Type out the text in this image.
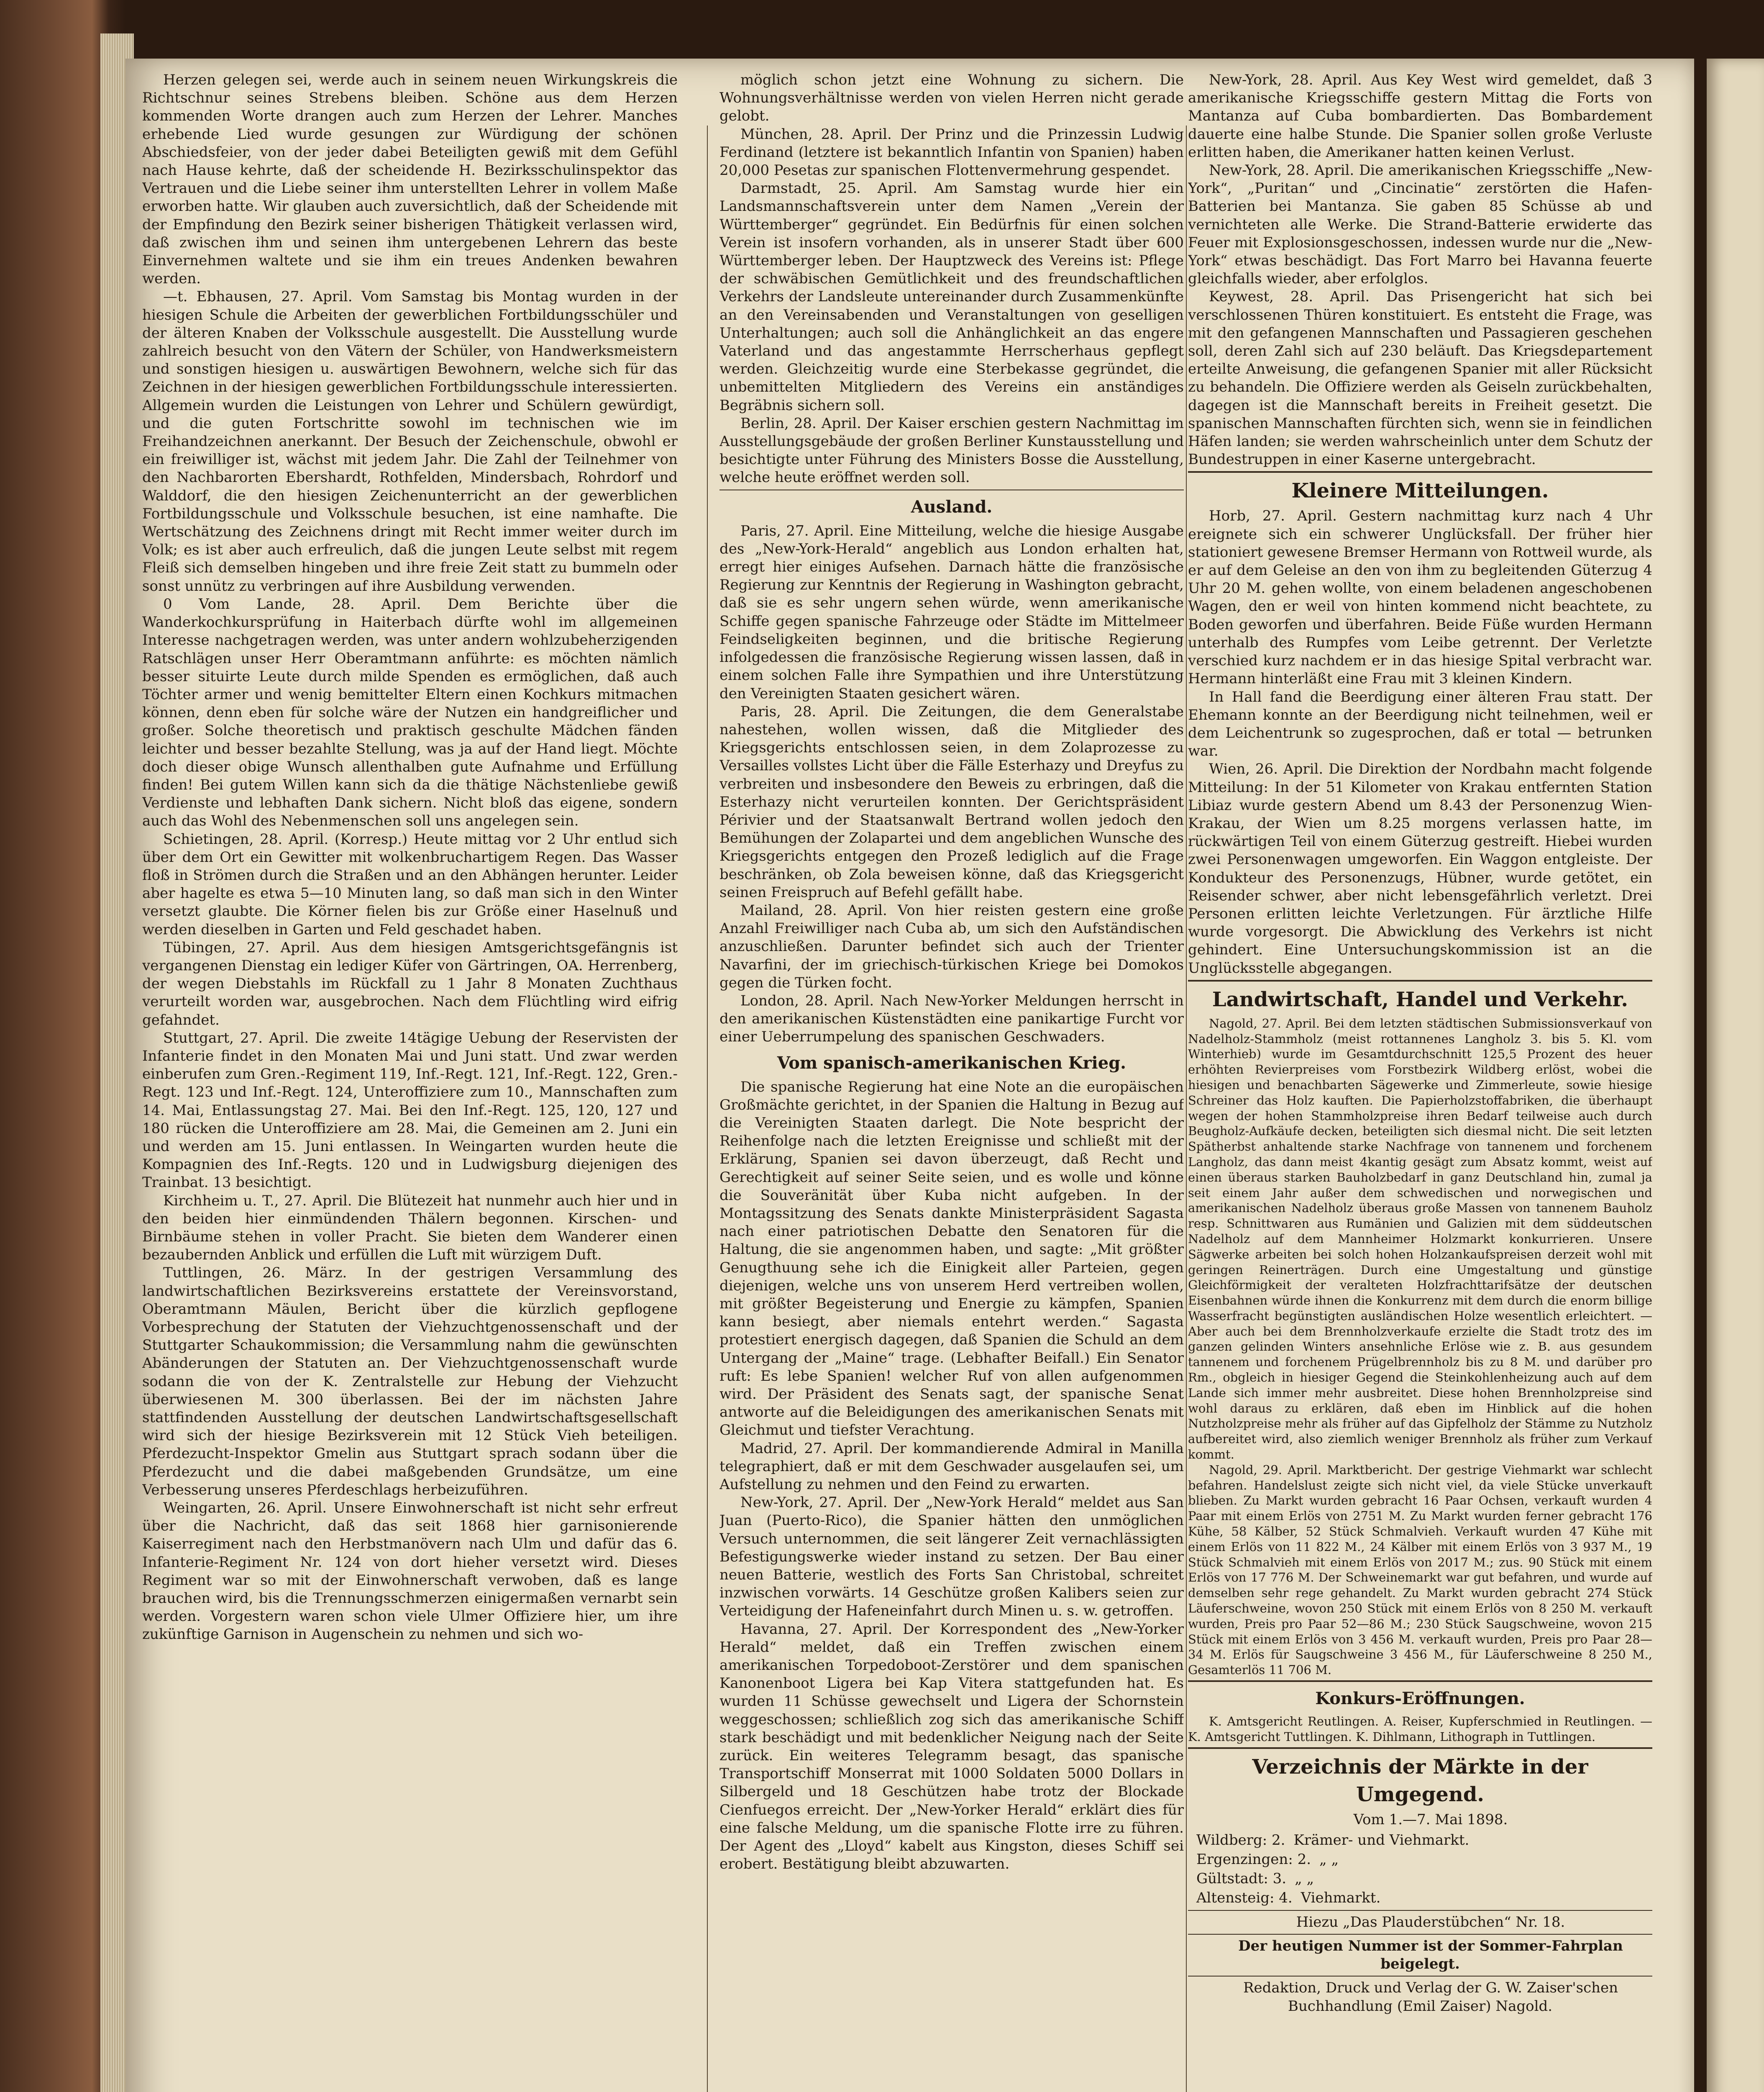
Herzen gelegen sei, werde auch in seinem neuen Wirkungskreis die Richtschnur seines Strebens bleiben. Schöne aus dem Herzen kommenden Worte drangen auch zum Herzen der Lehrer. Manches erhebende Lied wurde gesungen zur Würdigung der schönen Abschiedsfeier, von der jeder dabei Beteiligten gewiß mit dem Gefühl nach Hause kehrte, daß der scheidende H. Bezirksschulinspektor das Vertrauen und die Liebe seiner ihm unterstellten Lehrer in vollem Maße erworben hatte. Wir glauben auch zuversichtlich, daß der Scheidende mit der Empfindung den Bezirk seiner bisherigen Thätigkeit verlassen wird, daß zwischen ihm und seinen ihm untergebenen Lehrern das beste Einvernehmen waltete und sie ihm ein treues Andenken bewahren werden.

—t. Ebhausen, 27. April. Vom Samstag bis Montag wurden in der hiesigen Schule die Arbeiten der gewerblichen Fortbildungsschüler und der älteren Knaben der Volksschule ausgestellt. Die Ausstellung wurde zahlreich besucht von den Vätern der Schüler, von Handwerksmeistern und sonstigen hiesigen u. auswärtigen Bewohnern, welche sich für das Zeichnen in der hiesigen gewerblichen Fortbildungsschule interessierten. Allgemein wurden die Leistungen von Lehrer und Schülern gewürdigt, und die guten Fortschritte sowohl im technischen wie im Freihandzeichnen anerkannt. Der Besuch der Zeichenschule, obwohl er ein freiwilliger ist, wächst mit jedem Jahr. Die Zahl der Teilnehmer von den Nachbarorten Ebershardt, Rothfelden, Mindersbach, Rohrdorf und Walddorf, die den hiesigen Zeichenunterricht an der gewerblichen Fortbildungsschule und Volksschule besuchen, ist eine namhafte. Die Wertschätzung des Zeichnens dringt mit Recht immer weiter durch im Volk; es ist aber auch erfreulich, daß die jungen Leute selbst mit regem Fleiß sich demselben hingeben und ihre freie Zeit statt zu bummeln oder sonst unnütz zu verbringen auf ihre Ausbildung verwenden.

0 Vom Lande, 28. April. Dem Berichte über die Wanderkochkursprüfung in Haiterbach dürfte wohl im allgemeinen Interesse nachgetragen werden, was unter andern wohlzubeherzigenden Ratschlägen unser Herr Oberamtmann anführte: es möchten nämlich besser situirte Leute durch milde Spenden es ermöglichen, daß auch Töchter armer und wenig bemittelter Eltern einen Kochkurs mitmachen können, denn eben für solche wäre der Nutzen ein handgreiflicher und großer. Solche theoretisch und praktisch geschulte Mädchen fänden leichter und besser bezahlte Stellung, was ja auf der Hand liegt. Möchte doch dieser obige Wunsch allenthalben gute Aufnahme und Erfüllung finden! Bei gutem Willen kann sich da die thätige Nächstenliebe gewiß Verdienste und lebhaften Dank sichern. Nicht bloß das eigene, sondern auch das Wohl des Nebenmenschen soll uns angelegen sein.

Schietingen, 28. April. (Korresp.) Heute mittag vor 2 Uhr entlud sich über dem Ort ein Gewitter mit wolkenbruchartigem Regen. Das Wasser floß in Strömen durch die Straßen und an den Abhängen herunter. Leider aber hagelte es etwa 5—10 Minuten lang, so daß man sich in den Winter versetzt glaubte. Die Körner fielen bis zur Größe einer Haselnuß und werden dieselben in Garten und Feld geschadet haben.

Tübingen, 27. April. Aus dem hiesigen Amtsgerichtsgefängnis ist vergangenen Dienstag ein lediger Küfer von Gärtringen, OA. Herrenberg, der wegen Diebstahls im Rückfall zu 1 Jahr 8 Monaten Zuchthaus verurteilt worden war, ausgebrochen. Nach dem Flüchtling wird eifrig gefahndet.

Stuttgart, 27. April. Die zweite 14tägige Uebung der Reservisten der Infanterie findet in den Monaten Mai und Juni statt. Und zwar werden einberufen zum Gren.-Regiment 119, Inf.-Regt. 121, Inf.-Regt. 122, Gren.-Regt. 123 und Inf.-Regt. 124, Unteroffiziere zum 10., Mannschaften zum 14. Mai, Entlassungstag 27. Mai. Bei den Inf.-Regt. 125, 120, 127 und 180 rücken die Unteroffiziere am 28. Mai, die Gemeinen am 2. Juni ein und werden am 15. Juni entlassen. In Weingarten wurden heute die Kompagnien des Inf.-Regts. 120 und in Ludwigsburg diejenigen des Trainbat. 13 besichtigt.

Kirchheim u. T., 27. April. Die Blütezeit hat nunmehr auch hier und in den beiden hier einmündenden Thälern begonnen. Kirschen- und Birnbäume stehen in voller Pracht. Sie bieten dem Wanderer einen bezaubernden Anblick und erfüllen die Luft mit würzigem Duft.

Tuttlingen, 26. März. In der gestrigen Versammlung des landwirtschaftlichen Bezirksvereins erstattete der Vereinsvorstand, Oberamtmann Mäulen, Bericht über die kürzlich gepflogene Vorbesprechung der Statuten der Viehzuchtgenossenschaft und der Stuttgarter Schaukommission; die Versammlung nahm die gewünschten Abänderungen der Statuten an. Der Viehzuchtgenossenschaft wurde sodann die von der K. Zentralstelle zur Hebung der Viehzucht überwiesenen M. 300 überlassen. Bei der im nächsten Jahre stattfindenden Ausstellung der deutschen Landwirtschaftsgesellschaft wird sich der hiesige Bezirksverein mit 12 Stück Vieh beteiligen. Pferdezucht-Inspektor Gmelin aus Stuttgart sprach sodann über die Pferdezucht und die dabei maßgebenden Grundsätze, um eine Verbesserung unseres Pferdeschlags herbeizuführen.

Weingarten, 26. April. Unsere Einwohnerschaft ist nicht sehr erfreut über die Nachricht, daß das seit 1868 hier garnisonierende Kaiserregiment nach den Herbstmanövern nach Ulm und dafür das 6. Infanterie-Regiment Nr. 124 von dort hieher versetzt wird. Dieses Regiment war so mit der Einwohnerschaft verwoben, daß es lange brauchen wird, bis die Trennungsschmerzen einigermaßen vernarbt sein werden. Vorgestern waren schon viele Ulmer Offiziere hier, um ihre zukünftige Garnison in Augenschein zu nehmen und sich wo-

möglich schon jetzt eine Wohnung zu sichern. Die Wohnungsverhältnisse werden von vielen Herren nicht gerade gelobt.

München, 28. April. Der Prinz und die Prinzessin Ludwig Ferdinand (letztere ist bekanntlich Infantin von Spanien) haben 20,000 Pesetas zur spanischen Flottenvermehrung gespendet.

Darmstadt, 25. April. Am Samstag wurde hier ein Landsmannschaftsverein unter dem Namen „Verein der Württemberger“ gegründet. Ein Bedürfnis für einen solchen Verein ist insofern vorhanden, als in unserer Stadt über 600 Württemberger leben. Der Hauptzweck des Vereins ist: Pflege der schwäbischen Gemütlichkeit und des freundschaftlichen Verkehrs der Landsleute untereinander durch Zusammenkünfte an den Vereinsabenden und Veranstaltungen von geselligen Unterhaltungen; auch soll die Anhänglichkeit an das engere Vaterland und das angestammte Herrscherhaus gepflegt werden. Gleichzeitig wurde eine Sterbekasse gegründet, die unbemittelten Mitgliedern des Vereins ein anständiges Begräbnis sichern soll.

Berlin, 28. April. Der Kaiser erschien gestern Nachmittag im Ausstellungsgebäude der großen Berliner Kunstausstellung und besichtigte unter Führung des Ministers Bosse die Ausstellung, welche heute eröffnet werden soll.

Ausland.

Paris, 27. April. Eine Mitteilung, welche die hiesige Ausgabe des „New-York-Herald“ angeblich aus London erhalten hat, erregt hier einiges Aufsehen. Darnach hätte die französische Regierung zur Kenntnis der Regierung in Washington gebracht, daß sie es sehr ungern sehen würde, wenn amerikanische Schiffe gegen spanische Fahrzeuge oder Städte im Mittelmeer Feindseligkeiten beginnen, und die britische Regierung infolgedessen die französische Regierung wissen lassen, daß in einem solchen Falle ihre Sympathien und ihre Unterstützung den Vereinigten Staaten gesichert wären.

Paris, 28. April. Die Zeitungen, die dem Generalstabe nahestehen, wollen wissen, daß die Mitglieder des Kriegsgerichts entschlossen seien, in dem Zolaprozesse zu Versailles vollstes Licht über die Fälle Esterhazy und Dreyfus zu verbreiten und insbesondere den Beweis zu erbringen, daß die Esterhazy nicht verurteilen konnten. Der Gerichtspräsident Périvier und der Staatsanwalt Bertrand wollen jedoch den Bemühungen der Zolapartei und dem angeblichen Wunsche des Kriegsgerichts entgegen den Prozeß lediglich auf die Frage beschränken, ob Zola beweisen könne, daß das Kriegsgericht seinen Freispruch auf Befehl gefällt habe.

Mailand, 28. April. Von hier reisten gestern eine große Anzahl Freiwilliger nach Cuba ab, um sich den Aufständischen anzuschließen. Darunter befindet sich auch der Trienter Navarfini, der im griechisch-türkischen Kriege bei Domokos gegen die Türken focht.

London, 28. April. Nach New-Yorker Meldungen herrscht in den amerikanischen Küstenstädten eine panikartige Furcht vor einer Ueberrumpelung des spanischen Geschwaders.

Vom spanisch-amerikanischen Krieg.

Die spanische Regierung hat eine Note an die europäischen Großmächte gerichtet, in der Spanien die Haltung in Bezug auf die Vereinigten Staaten darlegt. Die Note bespricht der Reihenfolge nach die letzten Ereignisse und schließt mit der Erklärung, Spanien sei davon überzeugt, daß Recht und Gerechtigkeit auf seiner Seite seien, und es wolle und könne die Souveränität über Kuba nicht aufgeben. In der Montagssitzung des Senats dankte Ministerpräsident Sagasta nach einer patriotischen Debatte den Senatoren für die Haltung, die sie angenommen haben, und sagte: „Mit größter Genugthuung sehe ich die Einigkeit aller Parteien, gegen diejenigen, welche uns von unserem Herd vertreiben wollen, mit größter Begeisterung und Energie zu kämpfen, Spanien kann besiegt, aber niemals entehrt werden.“ Sagasta protestiert energisch dagegen, daß Spanien die Schuld an dem Untergang der „Maine“ trage. (Lebhafter Beifall.) Ein Senator ruft: Es lebe Spanien! welcher Ruf von allen aufgenommen wird. Der Präsident des Senats sagt, der spanische Senat antworte auf die Beleidigungen des amerikanischen Senats mit Gleichmut und tiefster Verachtung.

Madrid, 27. April. Der kommandierende Admiral in Manilla telegraphiert, daß er mit dem Geschwader ausgelaufen sei, um Aufstellung zu nehmen und den Feind zu erwarten.

New-York, 27. April. Der „New-York Herald“ meldet aus San Juan (Puerto-Rico), die Spanier hätten den unmöglichen Versuch unternommen, die seit längerer Zeit vernachlässigten Befestigungswerke wieder instand zu setzen. Der Bau einer neuen Batterie, westlich des Forts San Christobal, schreitet inzwischen vorwärts. 14 Geschütze großen Kalibers seien zur Verteidigung der Hafeneinfahrt durch Minen u. s. w. getroffen.

Havanna, 27. April. Der Korrespondent des „New-Yorker Herald“ meldet, daß ein Treffen zwischen einem amerikanischen Torpedoboot-Zerstörer und dem spanischen Kanonenboot Ligera bei Kap Vitera stattgefunden hat. Es wurden 11 Schüsse gewechselt und Ligera der Schornstein weggeschossen; schließlich zog sich das amerikanische Schiff stark beschädigt und mit bedenklicher Neigung nach der Seite zurück. Ein weiteres Telegramm besagt, das spanische Transportschiff Monserrat mit 1000 Soldaten 5000 Dollars in Silbergeld und 18 Geschützen habe trotz der Blockade Cienfuegos erreicht. Der „New-Yorker Herald“ erklärt dies für eine falsche Meldung, um die spanische Flotte irre zu führen. Der Agent des „Lloyd“ kabelt aus Kingston, dieses Schiff sei erobert. Bestätigung bleibt abzuwarten.

New-York, 28. April. Aus Key West wird gemeldet, daß 3 amerikanische Kriegsschiffe gestern Mittag die Forts von Mantanza auf Cuba bombardierten. Das Bombardement dauerte eine halbe Stunde. Die Spanier sollen große Verluste erlitten haben, die Amerikaner hatten keinen Verlust.

New-York, 28. April. Die amerikanischen Kriegsschiffe „New-York“, „Puritan“ und „Cincinatie“ zerstörten die Hafen-Batterien bei Mantanza. Sie gaben 85 Schüsse ab und vernichteten alle Werke. Die Strand-Batterie erwiderte das Feuer mit Explosionsgeschossen, indessen wurde nur die „New-York“ etwas beschädigt. Das Fort Marro bei Havanna feuerte gleichfalls wieder, aber erfolglos.

Keywest, 28. April. Das Prisengericht hat sich bei verschlossenen Thüren konstituiert. Es entsteht die Frage, was mit den gefangenen Mannschaften und Passagieren geschehen soll, deren Zahl sich auf 230 beläuft. Das Kriegsdepartement erteilte Anweisung, die gefangenen Spanier mit aller Rücksicht zu behandeln. Die Offiziere werden als Geiseln zurückbehalten, dagegen ist die Mannschaft bereits in Freiheit gesetzt. Die spanischen Mannschaften fürchten sich, wenn sie in feindlichen Häfen landen; sie werden wahrscheinlich unter dem Schutz der Bundestruppen in einer Kaserne untergebracht.

Kleinere Mitteilungen.

Horb, 27. April. Gestern nachmittag kurz nach 4 Uhr ereignete sich ein schwerer Unglücksfall. Der früher hier stationiert gewesene Bremser Hermann von Rottweil wurde, als er auf dem Geleise an den von ihm zu begleitenden Güterzug 4 Uhr 20 M. gehen wollte, von einem beladenen angeschobenen Wagen, den er weil von hinten kommend nicht beachtete, zu Boden geworfen und überfahren. Beide Füße wurden Hermann unterhalb des Rumpfes vom Leibe getrennt. Der Verletzte verschied kurz nachdem er in das hiesige Spital verbracht war. Hermann hinterläßt eine Frau mit 3 kleinen Kindern.

In Hall fand die Beerdigung einer älteren Frau statt. Der Ehemann konnte an der Beerdigung nicht teilnehmen, weil er dem Leichentrunk so zugesprochen, daß er total — betrunken war.

Wien, 26. April. Die Direktion der Nordbahn macht folgende Mitteilung: In der 51 Kilometer von Krakau entfernten Station Libiaz wurde gestern Abend um 8.43 der Personenzug Wien-Krakau, der Wien um 8.25 morgens verlassen hatte, im rückwärtigen Teil von einem Güterzug gestreift. Hiebei wurden zwei Personenwagen umgeworfen. Ein Waggon entgleiste. Der Kondukteur des Personenzugs, Hübner, wurde getötet, ein Reisender schwer, aber nicht lebensgefährlich verletzt. Drei Personen erlitten leichte Verletzungen. Für ärztliche Hilfe wurde vorgesorgt. Die Abwicklung des Verkehrs ist nicht gehindert. Eine Untersuchungskommission ist an die Unglücksstelle abgegangen.

Landwirtschaft, Handel und Verkehr.

Nagold, 27. April. Bei dem letzten städtischen Submissionsverkauf von Nadelholz-Stammholz (meist rottannenes Langholz 3. bis 5. Kl. vom Winterhieb) wurde im Gesamtdurchschnitt 125,5 Prozent des heuer erhöhten Revierpreises vom Forstbezirk Wildberg erlöst, wobei die hiesigen und benachbarten Sägewerke und Zimmerleute, sowie hiesige Schreiner das Holz kauften. Die Papierholzstoffabriken, die überhaupt wegen der hohen Stammholzpreise ihren Bedarf teilweise auch durch Beugholz-Aufkäufe decken, beteiligten sich diesmal nicht. Die seit letzten Spätherbst anhaltende starke Nachfrage von tannenem und forchenem Langholz, das dann meist 4kantig gesägt zum Absatz kommt, weist auf einen überaus starken Bauholzbedarf in ganz Deutschland hin, zumal ja seit einem Jahr außer dem schwedischen und norwegischen und amerikanischen Nadelholz überaus große Massen von tannenem Bauholz resp. Schnittwaren aus Rumänien und Galizien mit dem süddeutschen Nadelholz auf dem Mannheimer Holzmarkt konkurrieren. Unsere Sägwerke arbeiten bei solch hohen Holzankaufspreisen derzeit wohl mit geringen Reinerträgen. Durch eine Umgestaltung und günstige Gleichförmigkeit der veralteten Holzfrachttarifsätze der deutschen Eisenbahnen würde ihnen die Konkurrenz mit dem durch die enorm billige Wasserfracht begünstigten ausländischen Holze wesentlich erleichtert. — Aber auch bei dem Brennholzverkaufe erzielte die Stadt trotz des im ganzen gelinden Winters ansehnliche Erlöse wie z. B. aus gesundem tannenem und forchenem Prügelbrennholz bis zu 8 M. und darüber pro Rm., obgleich in hiesiger Gegend die Steinkohlenheizung auch auf dem Lande sich immer mehr ausbreitet. Diese hohen Brennholzpreise sind wohl daraus zu erklären, daß eben im Hinblick auf die hohen Nutzholzpreise mehr als früher auf das Gipfelholz der Stämme zu Nutzholz aufbereitet wird, also ziemlich weniger Brennholz als früher zum Verkauf kommt.

Nagold, 29. April. Marktbericht. Der gestrige Viehmarkt war schlecht befahren. Handelslust zeigte sich nicht viel, da viele Stücke unverkauft blieben. Zu Markt wurden gebracht 16 Paar Ochsen, verkauft wurden 4 Paar mit einem Erlös von 2751 M. Zu Markt wurden ferner gebracht 176 Kühe, 58 Kälber, 52 Stück Schmalvieh. Verkauft wurden 47 Kühe mit einem Erlös von 11 822 M., 24 Kälber mit einem Erlös von 3 937 M., 19 Stück Schmalvieh mit einem Erlös von 2017 M.; zus. 90 Stück mit einem Erlös von 17 776 M. Der Schweinemarkt war gut befahren, und wurde auf demselben sehr rege gehandelt. Zu Markt wurden gebracht 274 Stück Läuferschweine, wovon 250 Stück mit einem Erlös von 8 250 M. verkauft wurden, Preis pro Paar 52—86 M.; 230 Stück Saugschweine, wovon 215 Stück mit einem Erlös von 3 456 M. verkauft wurden, Preis pro Paar 28—34 M. Erlös für Saugschweine 3 456 M., für Läuferschweine 8 250 M., Gesamterlös 11 706 M.

Konkurs-Eröffnungen.

K. Amtsgericht Reutlingen. A. Reiser, Kupferschmied in Reutlingen. — K. Amtsgericht Tuttlingen. K. Dihlmann, Lithograph in Tuttlingen.

Verzeichnis der Märkte in der Umgegend.

Vom 1.—7. Mai 1898.

Wildberg: 2. Krämer- und Viehmarkt.
Ergenzingen: 2. „ „
Gültstadt: 3. „ „
Altensteig: 4. Viehmarkt.

Hiezu „Das Plauderstübchen“ Nr. 18.

Der heutigen Nummer ist der Sommer-Fahrplan beigelegt.

Redaktion, Druck und Verlag der G. W. Zaiser'schen Buchhandlung (Emil Zaiser) Nagold.
